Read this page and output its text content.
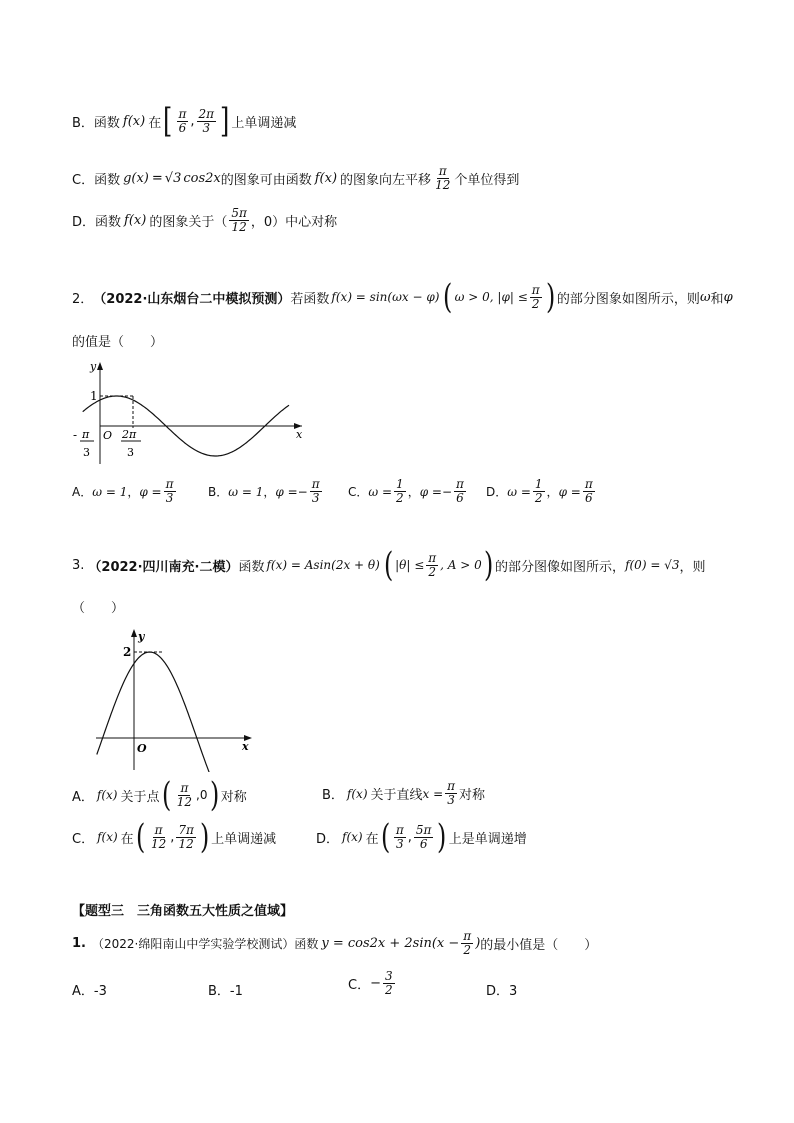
B．函数 f(x) 在 [ $\frac{\pi}{6}$ , $\frac{2\pi}{3}$ ] 上单调递减
C．函数 g(x) = √3 cos2x 的图象可由函数 f(x) 的图象向左平移 $\frac{\pi}{12}$ 个单位得到
D．函数 f(x) 的图象关于（ $\frac{5\pi}{12}$ ，0）中心对称
2． （2022·山东烟台二中模拟预测） 若函数 f(x) = sin(ωx − φ) ( ω > 0, $|\varphi| \le \frac{\pi}{2}$ ) 的部分图象如图所示，则 ω 和 φ
的值是（　　）
y
x
1
O
- π
3
2π
3
A． ω = 1 ， $\varphi = \frac{\pi}{3}$	B． ω = 1 ， φ = − $\frac{\pi}{3}$ C． $\omega = \frac{1}{2}$ ， φ = − $\frac{\pi}{6}$ D． $\omega = \frac{1}{2}$ ， $\varphi = \frac{\pi}{6}$
3. （2022·四川南充·二模） 函数 f(x) = Asin(2x + θ) ( $|\theta| \le \frac{\pi}{2}$ , A > 0 ) 的部分图像如图所示， f(0) = √3 ，则
（　　）
y
x
2
O
A． f(x) 关于点 ( $\frac{\pi}{12} ,0$ ) 对称	B． f(x) 关于直线 $x = \frac{\pi}{3}$ 对称
C． f(x) 在 ( $\frac{\pi}{12}$ , $\frac{7\pi}{12}$ ) 上单调递减	D． f(x) 在 ( $\frac{\pi}{3}$ , $\frac{5\pi}{6}$ ) 上是单调递增
【题型三　三角函数五大性质之值域】
1. （2022·绵阳南山中学实验学校测试）函数 $y = \cos 2x + 2\sin(x - \frac{\pi}{2}$ ) 的最小值是（　　）
A．-3	B．-1	C． − $\frac{3}{2}$	D．3
